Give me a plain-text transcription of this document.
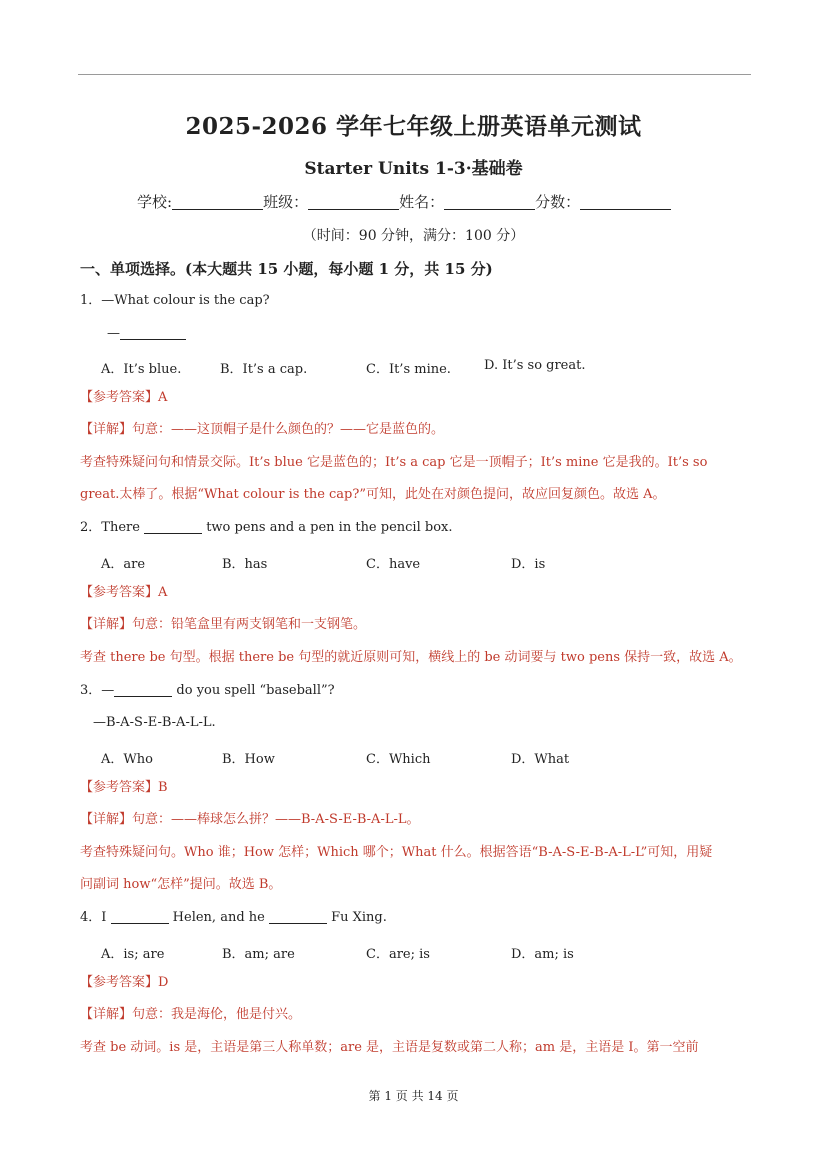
2025-2026 学年七年级上册英语单元测试
Starter Units 1-3·基础卷
学校:	班级：	姓名：	分数：
（时间：90 分钟，满分：100 分）
一、单项选择。(本大题共 15 小题，每小题 1 分，共 15 分)
1．—What colour is the cap?
—
A．It’s blue.	B．It’s a cap.	C．It’s mine.	D. It’s so great.
【参考答案】A
【详解】句意：——这顶帽子是什么颜色的？——它是蓝色的。
考查特殊疑问句和情景交际。It’s blue 它是蓝色的；It’s a cap 它是一顶帽子；It’s mine 它是我的。It’s so
great.太棒了。根据“What colour is the cap?”可知，此处在对颜色提问，故应回复颜色。故选 A。
2．There	two pens and a pen in the pencil box.
A．are	B．has	C．have	D．is
【参考答案】A
【详解】句意：铅笔盒里有两支钢笔和一支钢笔。
考查 there be 句型。根据 there be 句型的就近原则可知，横线上的 be 动词要与 two pens 保持一致，故选 A。
3．—	do you spell “baseball”?
—B-A-S-E-B-A-L-L.
A．Who	B．How	C．Which	D．What
【参考答案】B
【详解】句意：——棒球怎么拼？——B-A-S-E-B-A-L-L。
考查特殊疑问句。Who 谁；How 怎样；Which 哪个；What 什么。根据答语“B-A-S-E-B-A-L-L”可知，用疑
问副词 how“怎样”提问。故选 B。
4．I	Helen, and he	Fu Xing.
A．is; are	B．am; are	C．are; is	D．am; is
【参考答案】D
【详解】句意：我是海伦，他是付兴。
考查 be 动词。is 是，主语是第三人称单数；are 是，主语是复数或第二人称；am 是，主语是 I。第一空前
第 1 页 共 14 页
